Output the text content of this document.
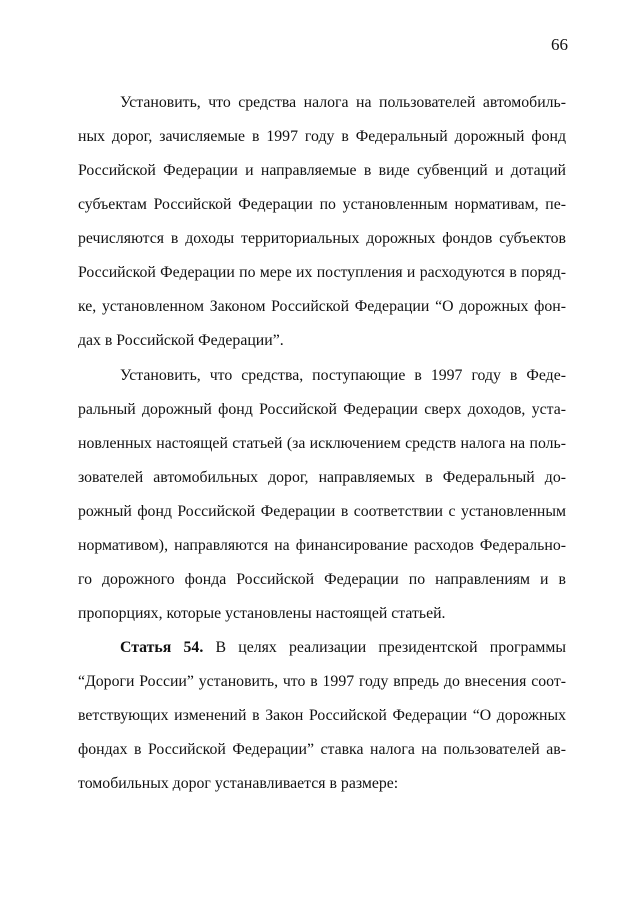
66
Установить, что средства налога на пользователей автомобиль-
ных дорог, зачисляемые в 1997 году в Федеральный дорожный фонд
Российской Федерации и направляемые в виде субвенций и дотаций
субъектам Российской Федерации по установленным нормативам, пе-
речисляются в доходы территориальных дорожных фондов субъектов
Российской Федерации по мере их поступления и расходуются в поряд-
ке, установленном Законом Российской Федерации “О дорожных фон-
дах в Российской Федерации”.
Установить, что средства, поступающие в 1997 году в Феде-
ральный дорожный фонд Российской Федерации сверх доходов, уста-
новленных настоящей статьей (за исключением средств налога на поль-
зователей автомобильных дорог, направляемых в Федеральный до-
рожный фонд Российской Федерации в соответствии с установленным
нормативом), направляются на финансирование расходов Федерально-
го дорожного фонда Российской Федерации по направлениям и в
пропорциях, которые установлены настоящей статьей.
Статья 54. В целях реализации президентской программы
“Дороги России” установить, что в 1997 году впредь до внесения соот-
ветствующих изменений в Закон Российской Федерации “О дорожных
фондах в Российской Федерации” ставка налога на пользователей ав-
томобильных дорог устанавливается в размере:
